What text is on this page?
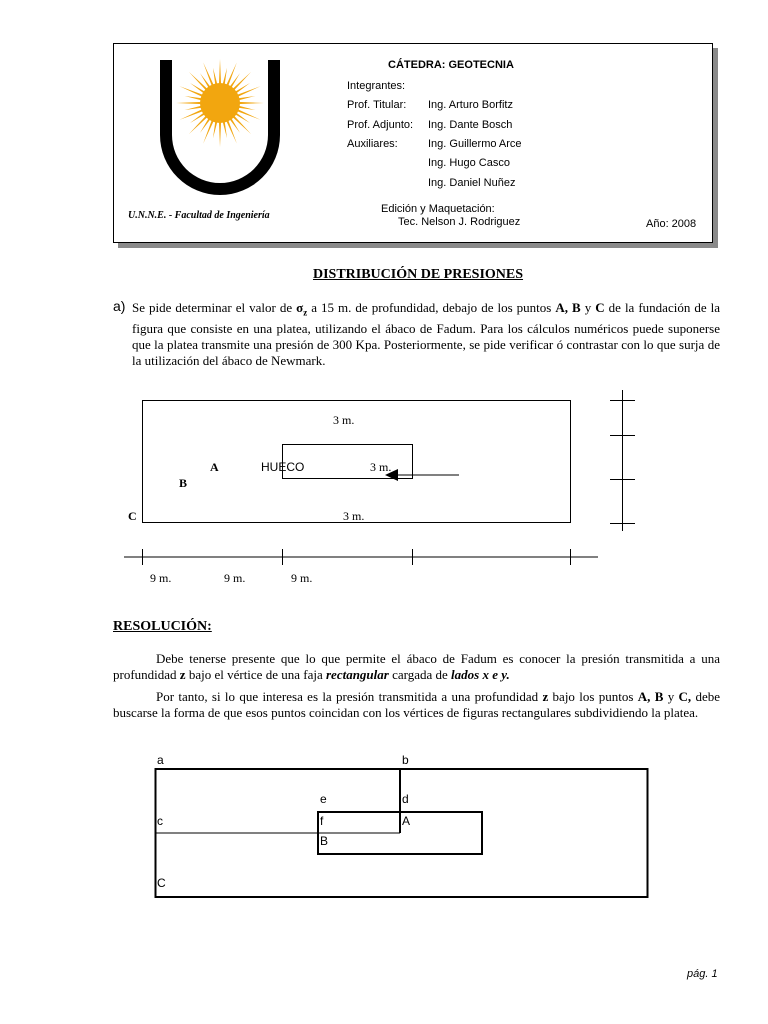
CÁTEDRA: GEOTECNIA
Integrantes:
Prof. Titular: Ing. Arturo Borfitz
Prof. Adjunto: Ing. Dante Bosch
Auxiliares:	Ing. Guillermo Arce
Ing. Hugo Casco
Ing. Daniel Nuñez
U.N.N.E. - Facultad de Ingeniería
Edición y Maquetación:
Tec. Nelson J. Rodriguez	Año: 2008
DISTRIBUCIÓN DE PRESIONES
a) Se pide determinar el valor de $\sigma_z$ a 15 m. de profundidad, debajo de los puntos A, B y C de la fundación de la figura que consiste en una platea, utilizando el ábaco de Fadum. Para los cálculos numéricos puede suponerse que la platea transmite una presión de 300 Kpa. Posteriormente, se pide verificar ó contrastar con lo que surja de la utilización del ábaco de Newmark.
3 m.
A	HUECO	3 m.
B
C	3 m.
9 m.	9 m.	9 m.
RESOLUCIÓN:
Debe tenerse presente que lo que permite el ábaco de Fadum es conocer la presión transmitida a una profundidad z bajo el vértice de una faja rectangular cargada de lados x e y.
Por tanto, si lo que interesa es la presión transmitida a una profundidad z bajo los puntos A, B y C, debe buscarse la forma de que esos puntos coincidan con los vértices de figuras rectangulares subdividiendo la platea.
a	b
e	d
c	f	A
B
C
pág. 1
